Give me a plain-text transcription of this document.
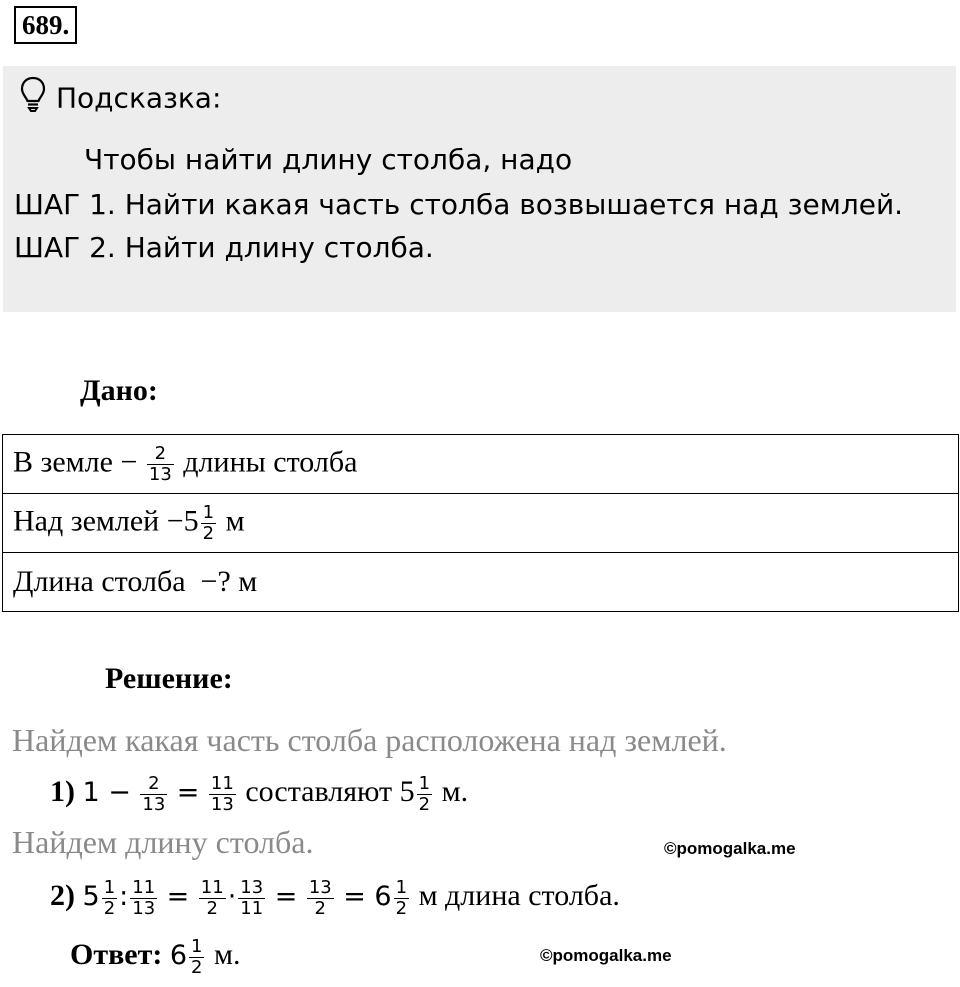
689.
Подсказка:
Чтобы найти длину столба, надо
ШАГ 1. Найти какая часть столба возвышается над землей.
ШАГ 2. Найти длину столба.
Дано:
В земле − $\frac{2}{13}$ длины столба
Над землей $-5 \frac{1}{2}$ м
Длина столба  −? м
Решение:
Найдем какая часть столба расположена над землей.
1) $1 - \frac{2}{13} = \frac{11}{13}$ составляют $5 \frac{1}{2} м$.
Найдем длину столба.
2) $5 \frac{1}{2}$ : $\frac{11}{13} = \frac{11}{2} \cdot \frac{13}{11} = \frac{13}{2} = 6 \frac{1}{2}$ м длина столба.
Ответ: $6 \frac{1}{2} м$.
©pomogalka.me
©pomogalka.me
